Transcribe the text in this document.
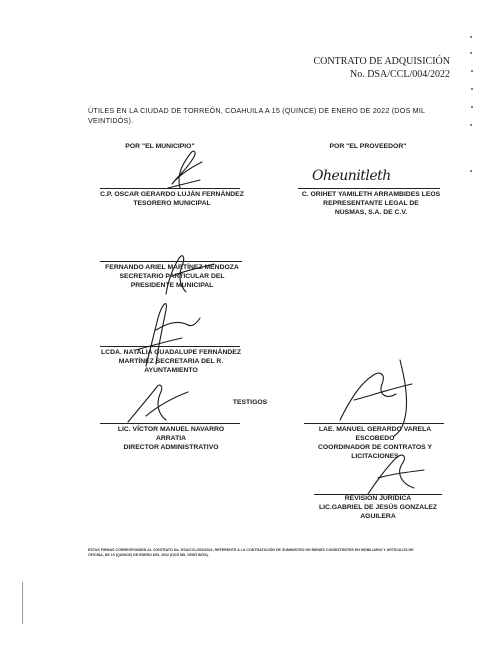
CONTRATO DE ADQUISICIÓN
No. DSA/CCL/004/2022
ÚTILES EN LA CIUDAD DE TORREÓN, COAHUILA A 15 (QUINCE) DE ENERO DE 2022 (DOS MIL VEINTIDÓS).
POR "EL MUNICIPIO"	POR "EL PROVEEDOR"
C.P. OSCAR GERARDO LUJÁN FERNÁNDEZ
TESORERO MUNICIPAL
Oheunitleth
C. ORIHET YAMILETH ARRAMBIDES LEOS
REPRESENTANTE LEGAL DE
NUSMAS, S.A. DE C.V.
FERNANDO ARIEL MARTÍNEZ MENDOZA
SECRETARIO PARTICULAR DEL
PRESIDENTE MUNICIPAL
LCDA. NATALIA GUADALUPE FERNÁNDEZ
MARTÍNEZ SECRETARIA DEL R.
AYUNTAMIENTO
TESTIGOS
LIC. VÍCTOR MANUEL NAVARRO
ARRATIA
DIRECTOR ADMINISTRATIVO
LAE. MANUEL GERARDO VARELA
ESCOBEDO
COORDINADOR DE CONTRATOS Y
LICITACIONES
REVISIÓN JURÍDICA
LIC.GABRIEL DE JESÚS GONZALEZ
AGUILERA
ESTAS FIRMAS CORRESPONDEN AL CONTRATO No. DSA/CCL/004/2022, REFERENTE A LA CONTRATACIÓN DE SUMINISTRO DE BIENES CONSISTENTES EN MOBILIARIO Y ARTÍCULOS DE OFICINA, DE 15 (QUINCE) DE ENERO DEL 2022 (DOS MIL VEINTIDÓS).
